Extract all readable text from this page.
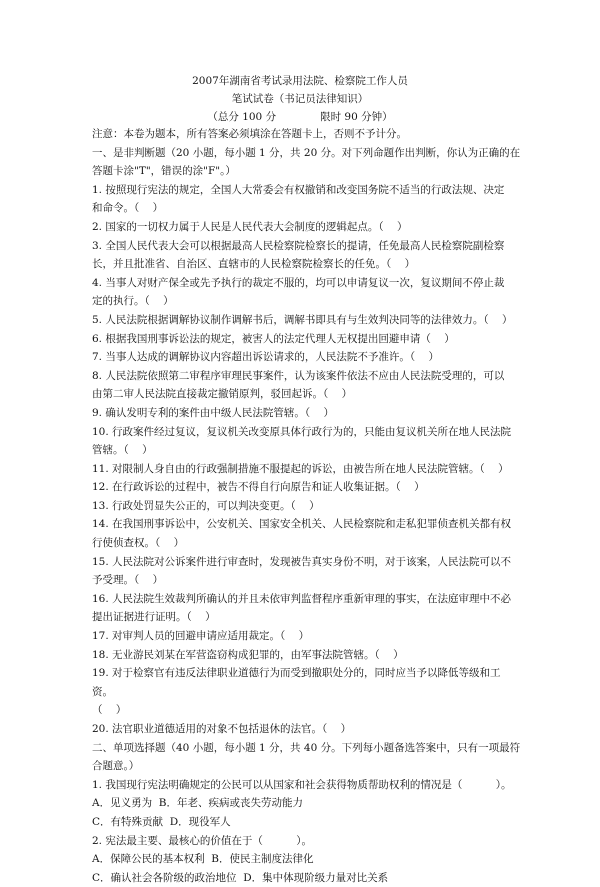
2007年湖南省考试录用法院、检察院工作人员
笔试试卷（书记员法律知识）
（总分 100 分	限时 90 分钟）
注意：本卷为题本，所有答案必须填涂在答题卡上，否则不予计分。
一、是非判断题（20 小题，每小题 1 分，共 20 分。对下列命题作出判断，你认为正确的在
答题卡涂"T"，错误的涂"F"。）
1. 按照现行宪法的规定，全国人大常委会有权撤销和改变国务院不适当的行政法规、决定
和命令。（    ）
2. 国家的一切权力属于人民是人民代表大会制度的逻辑起点。（    ）
3. 全国人民代表大会可以根据最高人民检察院检察长的提请，任免最高人民检察院副检察
长，并且批准省、自治区、直辖市的人民检察院检察长的任免。（    ）
4. 当事人对财产保全或先予执行的裁定不服的，均可以申请复议一次，复议期间不停止裁
定的执行。（    ）
5. 人民法院根据调解协议制作调解书后，调解书即具有与生效判决同等的法律效力。（    ）
6. 根据我国刑事诉讼法的规定，被害人的法定代理人无权提出回避申请（    ）
7. 当事人达成的调解协议内容超出诉讼请求的，人民法院不予准许。（    ）
8. 人民法院依照第二审程序审理民事案件，认为该案件依法不应由人民法院受理的，可以
由第二审人民法院直接裁定撤销原判，驳回起诉。（    ）
9. 确认发明专利的案件由中级人民法院管辖。（    ）
10. 行政案件经过复议，复议机关改变原具体行政行为的，只能由复议机关所在地人民法院
管辖。（    ）
11. 对限制人身自由的行政强制措施不服提起的诉讼，由被告所在地人民法院管辖。（    ）
12. 在行政诉讼的过程中，被告不得自行向原告和证人收集证据。（    ）
13. 行政处罚显失公正的，可以判决变更。（    ）
14. 在我国刑事诉讼中，公安机关、国家安全机关、人民检察院和走私犯罪侦查机关都有权
行使侦查权。（    ）
15. 人民法院对公诉案件进行审查时，发现被告真实身份不明，对于该案，人民法院可以不
予受理。（    ）
16. 人民法院生效裁判所确认的并且未依审判监督程序重新审理的事实，在法庭审理中不必
提出证据进行证明。（    ）
17. 对审判人员的回避申请应适用裁定。（    ）
18. 无业游民刘某在军营盗窃构成犯罪的，由军事法院管辖。（    ）
19. 对于检察官有违反法律职业道德行为而受到撤职处分的，同时应当予以降低等级和工
资。
（    ）
20. 法官职业道德适用的对象不包括退休的法官。（    ）
二、单项选择题（40 小题，每小题 1 分，共 40 分。下列每小题备选答案中，只有一项最符
合题意。）
1. 我国现行宪法明确规定的公民可以从国家和社会获得物质帮助权利的情况是（          ）。
A．见义勇为  B．年老、疾病或丧失劳动能力
C．有特殊贡献  D．现役军人
2. 宪法最主要、最核心的价值在于（          ）。
A．保障公民的基本权利  B．使民主制度法律化
C．确认社会各阶级的政治地位  D．集中体现阶级力量对比关系
